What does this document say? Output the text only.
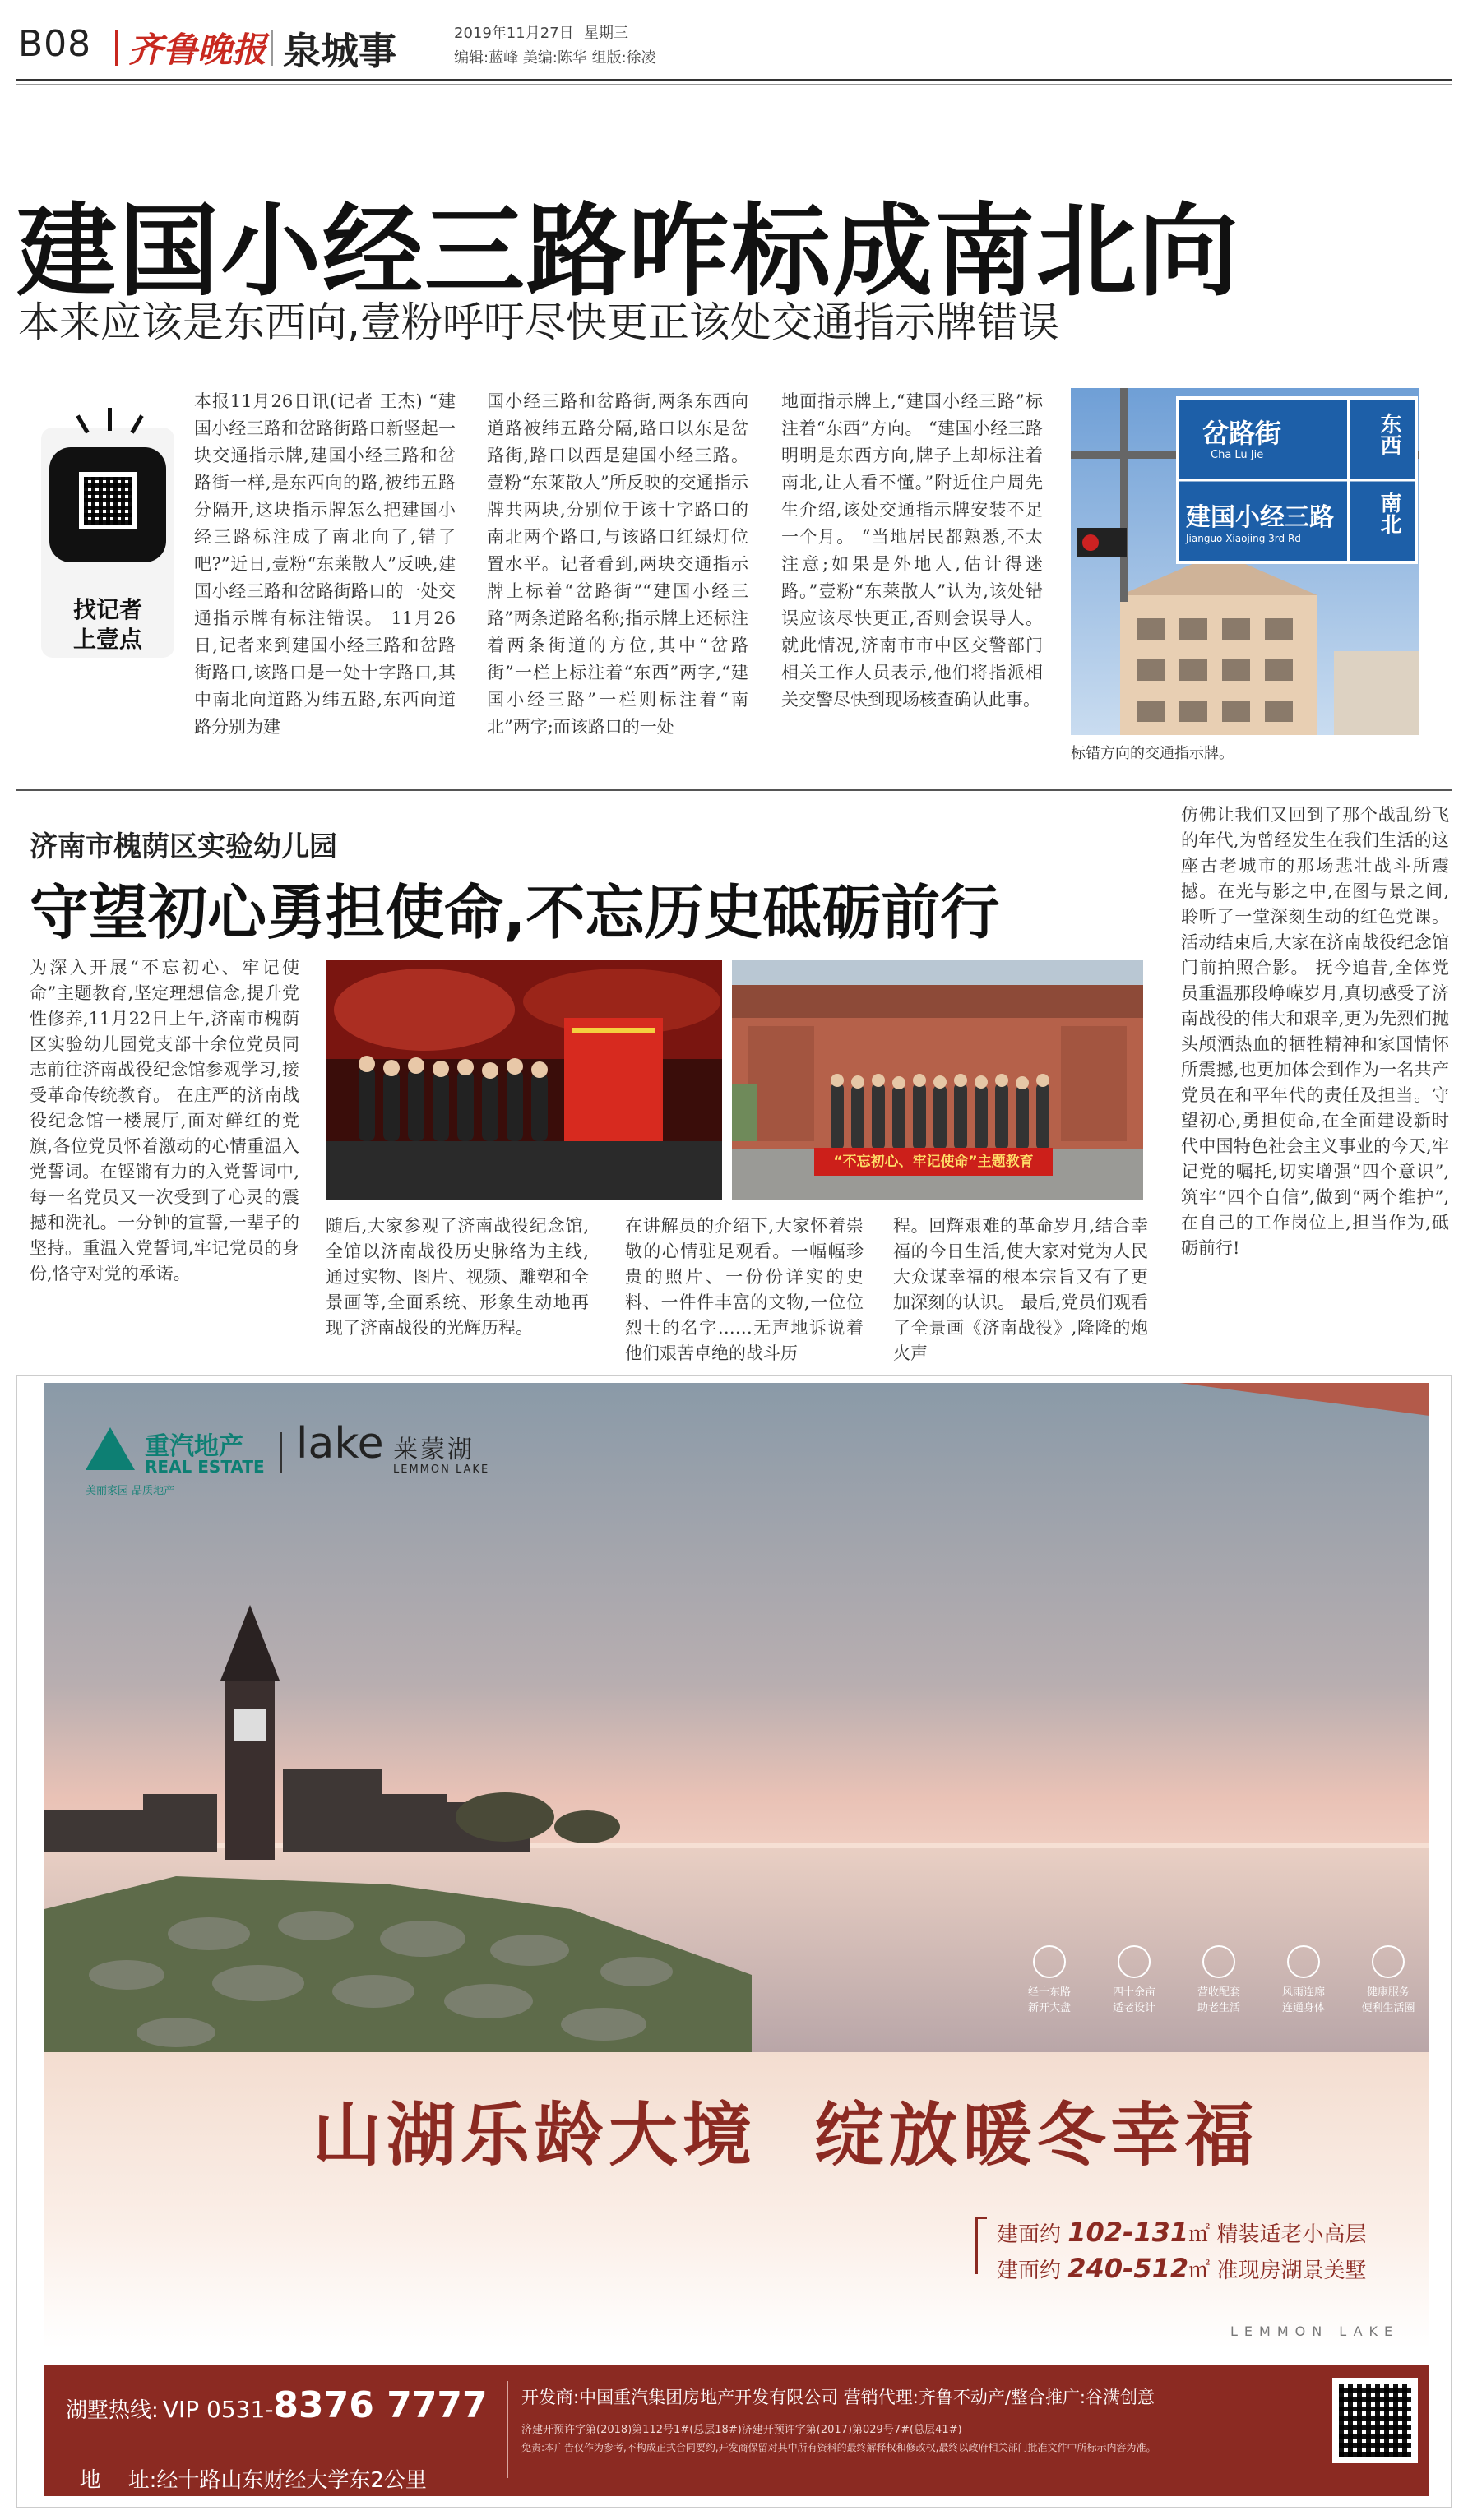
B08 齐鲁晚报 泉城事	2019年11月27日 星期三
编辑:蓝峰 美编:陈华 组版:徐凌
建国小经三路咋标成南北向
本来应该是东西向,壹粉呼吁尽快更正该处交通指示牌错误
找记者
上壹点
本报11月26日讯(记者 王杰) “建国小经三路和岔路街路口新竖起一块交通指示牌,建国小经三路和岔路街一样,是东西向的路,被纬五路分隔开,这块指示牌怎么把建国小经三路标注成了南北向了,错了吧?”近日,壹粉“东莱散人”反映,建国小经三路和岔路街路口的一处交通指示牌有标注错误。 11月26日,记者来到建国小经三路和岔路街路口,该路口是一处十字路口,其中南北向道路为纬五路,东西向道路分别为建
国小经三路和岔路街,两条东西向道路被纬五路分隔,路口以东是岔路街,路口以西是建国小经三路。 壹粉“东莱散人”所反映的交通指示牌共两块,分别位于该十字路口的南北两个路口,与该路口红绿灯位置水平。记者看到,两块交通指示牌上标着“岔路街”“建国小经三路”两条道路名称;指示牌上还标注着两条街道的方位,其中“岔路街”一栏上标注着“东西”两字,“建国小经三路”一栏则标注着“南北”两字;而该路口的一处
地面指示牌上,“建国小经三路”标注着“东西”方向。 “建国小经三路明明是东西方向,牌子上却标注着南北,让人看不懂。”附近住户周先生介绍,该处交通指示牌安装不足一个月。 “当地居民都熟悉,不太注意;如果是外地人,估计得迷路。”壹粉“东莱散人”认为,该处错误应该尽快更正,否则会误导人。就此情况,济南市市中区交警部门相关工作人员表示,他们将指派相关交警尽快到现场核查确认此事。
岔路街
Cha Lu Jie
建国小经三路
Jianguo Xiaojing 3rd Rd
东西
南北
标错方向的交通指示牌。
济南市槐荫区实验幼儿园
守望初心勇担使命,不忘历史砥砺前行
为深入开展“不忘初心、牢记使命”主题教育,坚定理想信念,提升党性修养,11月22日上午,济南市槐荫区实验幼儿园党支部十余位党员同志前往济南战役纪念馆参观学习,接受革命传统教育。 在庄严的济南战役纪念馆一楼展厅,面对鲜红的党旗,各位党员怀着激动的心情重温入党誓词。在铿锵有力的入党誓词中,每一名党员又一次受到了心灵的震撼和洗礼。一分钟的宣誓,一辈子的坚持。重温入党誓词,牢记党员的身份,恪守对党的承诺。
“不忘初心、牢记使命”主题教育
随后,大家参观了济南战役纪念馆,全馆以济南战役历史脉络为主线,通过实物、图片、视频、雕塑和全景画等,全面系统、形象生动地再现了济南战役的光辉历程。
在讲解员的介绍下,大家怀着崇敬的心情驻足观看。一幅幅珍贵的照片、一份份详实的史料、一件件丰富的文物,一位位烈士的名字……无声地诉说着他们艰苦卓绝的战斗历
程。回辉艰难的革命岁月,结合幸福的今日生活,使大家对党为人民大众谋幸福的根本宗旨又有了更加深刻的认识。 最后,党员们观看了全景画《济南战役》,隆隆的炮火声
仿佛让我们又回到了那个战乱纷飞的年代,为曾经发生在我们生活的这座古老城市的那场悲壮战斗所震撼。在光与影之中,在图与景之间,聆听了一堂深刻生动的红色党课。 活动结束后,大家在济南战役纪念馆门前拍照合影。 抚今追昔,全体党员重温那段峥嵘岁月,真切感受了济南战役的伟大和艰辛,更为先烈们抛头颅洒热血的牺牲精神和家国情怀所震撼,也更加体会到作为一名共产党员在和平年代的责任及担当。守望初心,勇担使命,在全面建设新时代中国特色社会主义事业的今天,牢记党的嘱托,切实增强“四个意识”,筑牢“四个自信”,做到“两个维护”,在自己的工作岗位上,担当作为,砥砺前行!
重汽地产
REAL ESTATE
美丽家园 品质地产
lake 莱蒙湖
LEMMON LAKE
经十东路
新开大盘
四十余亩
适老设计
营收配套
助老生活
风雨连廊
连通身体
健康服务
便利生活圈
山湖乐龄大境  绽放暖冬幸福
建面约 102-131㎡ 精装适老小高层
建面约 240-512㎡ 准现房湖景美墅
LEMMON LAKE
湖墅热线: VIP 0531-8376 7777

地    址:经十路山东财经大学东2公里

开发商:中国重汽集团房地产开发有限公司 营销代理:齐鲁不动产/整合推广:谷满创意
济建开预许字第(2018)第112号1#(总层18#)济建开预许字第(2017)第029号7#(总层41#)
免责:本广告仅作为参考,不构成正式合同要约,开发商保留对其中所有资料的最终解释权和修改权,最终以政府相关部门批准文件中所标示内容为准。
